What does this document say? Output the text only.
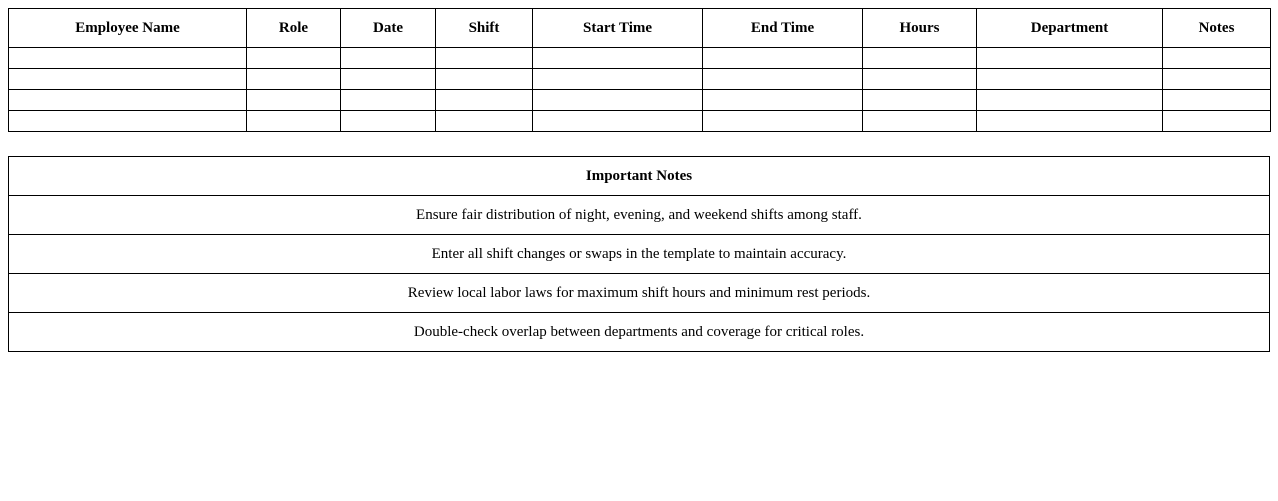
Employee Name	Role	Date	Shift	Start Time	End Time	Hours	Department	Notes

Important Notes
Ensure fair distribution of night, evening, and weekend shifts among staff.
Enter all shift changes or swaps in the template to maintain accuracy.
Review local labor laws for maximum shift hours and minimum rest periods.
Double-check overlap between departments and coverage for critical roles.
